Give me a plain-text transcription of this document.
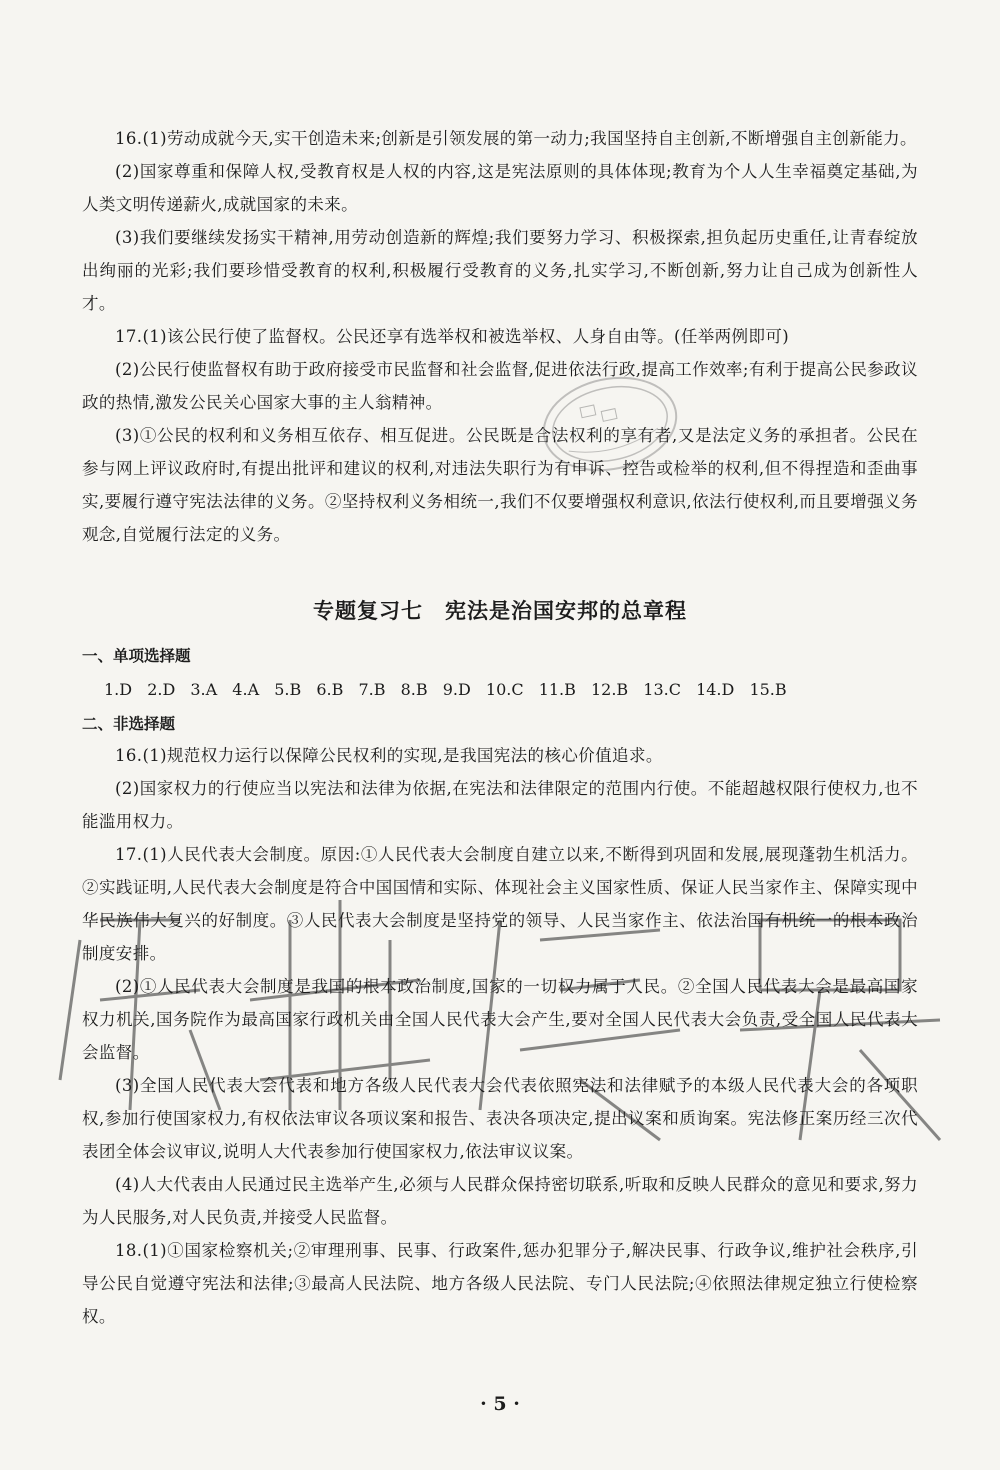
16.(1)劳动成就今天,实干创造未来;创新是引领发展的第一动力;我国坚持自主创新,不断增强自主创新能力。

(2)国家尊重和保障人权,受教育权是人权的内容,这是宪法原则的具体体现;教育为个人人生幸福奠定基础,为人类文明传递薪火,成就国家的未来。

(3)我们要继续发扬实干精神,用劳动创造新的辉煌;我们要努力学习、积极探索,担负起历史重任,让青春绽放出绚丽的光彩;我们要珍惜受教育的权利,积极履行受教育的义务,扎实学习,不断创新,努力让自己成为创新性人才。

17.(1)该公民行使了监督权。公民还享有选举权和被选举权、人身自由等。(任举两例即可)

(2)公民行使监督权有助于政府接受市民监督和社会监督,促进依法行政,提高工作效率;有利于提高公民参政议政的热情,激发公民关心国家大事的主人翁精神。

(3)①公民的权利和义务相互依存、相互促进。公民既是合法权利的享有者,又是法定义务的承担者。公民在参与网上评议政府时,有提出批评和建议的权利,对违法失职行为有申诉、控告或检举的权利,但不得捏造和歪曲事实,要履行遵守宪法法律的义务。②坚持权利义务相统一,我们不仅要增强权利意识,依法行使权利,而且要增强义务观念,自觉履行法定的义务。

专题复习七　宪法是治国安邦的总章程

一、单项选择题

1.D 2.D 3.A 4.A 5.B 6.B 7.B 8.B 9.D 10.C 11.B 12.B 13.C 14.D 15.B

二、非选择题

16.(1)规范权力运行以保障公民权利的实现,是我国宪法的核心价值追求。

(2)国家权力的行使应当以宪法和法律为依据,在宪法和法律限定的范围内行使。不能超越权限行使权力,也不能滥用权力。

17.(1)人民代表大会制度。原因:①人民代表大会制度自建立以来,不断得到巩固和发展,展现蓬勃生机活力。②实践证明,人民代表大会制度是符合中国国情和实际、体现社会主义国家性质、保证人民当家作主、保障实现中华民族伟大复兴的好制度。③人民代表大会制度是坚持党的领导、人民当家作主、依法治国有机统一的根本政治制度安排。

(2)①人民代表大会制度是我国的根本政治制度,国家的一切权力属于人民。②全国人民代表大会是最高国家权力机关,国务院作为最高国家行政机关由全国人民代表大会产生,要对全国人民代表大会负责,受全国人民代表大会监督。

(3)全国人民代表大会代表和地方各级人民代表大会代表依照宪法和法律赋予的本级人民代表大会的各项职权,参加行使国家权力,有权依法审议各项议案和报告、表决各项决定,提出议案和质询案。宪法修正案历经三次代表团全体会议审议,说明人大代表参加行使国家权力,依法审议议案。

(4)人大代表由人民通过民主选举产生,必须与人民群众保持密切联系,听取和反映人民群众的意见和要求,努力为人民服务,对人民负责,并接受人民监督。

18.(1)①国家检察机关;②审理刑事、民事、行政案件,惩办犯罪分子,解决民事、行政争议,维护社会秩序,引导公民自觉遵守宪法和法律;③最高人民法院、地方各级人民法院、专门人民法院;④依照法律规定独立行使检察权。

· 5 ·
